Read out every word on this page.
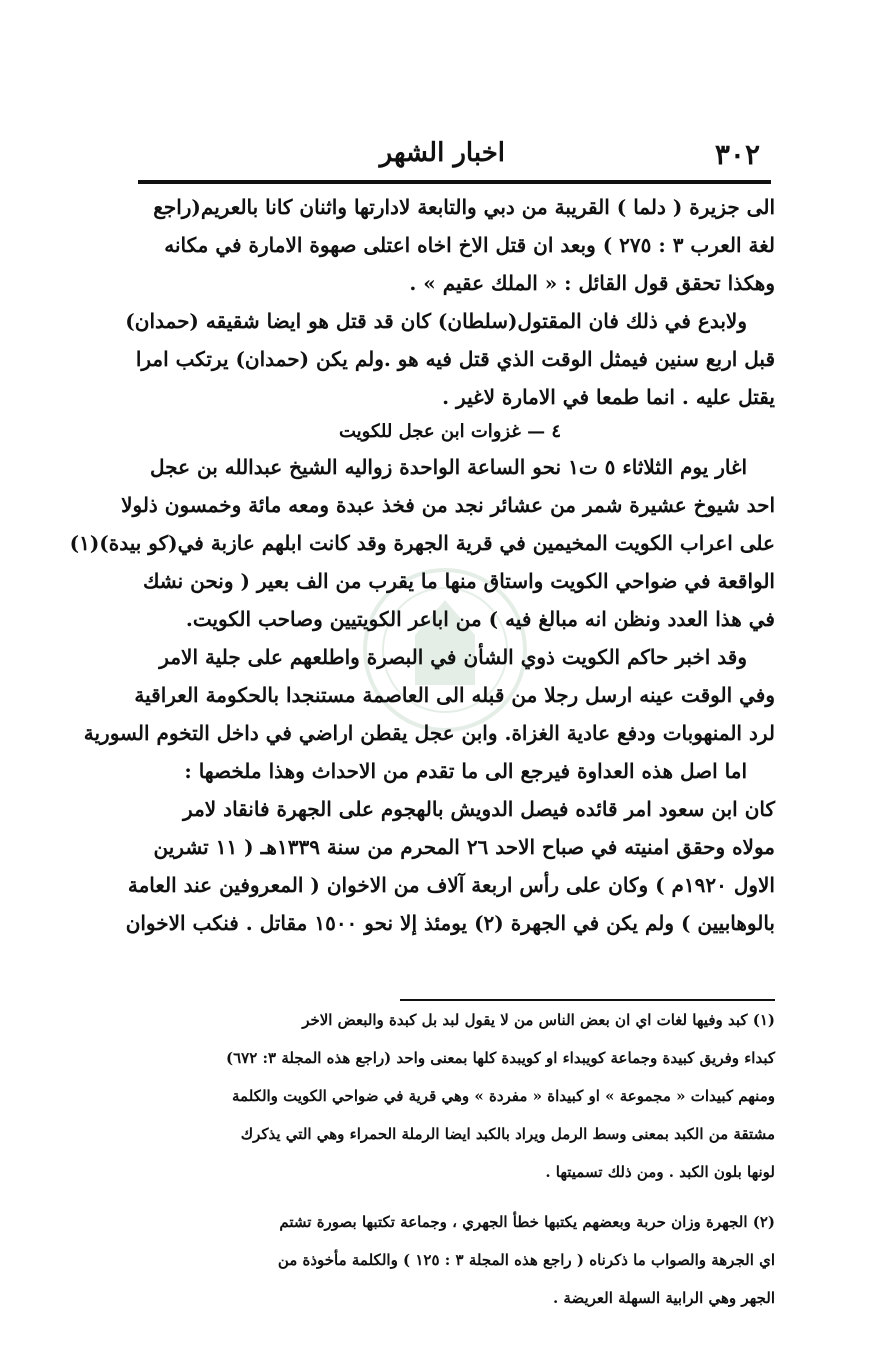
٣٠٢
اخبار الشهر
الى جزيرة ( دلما ) القريبة من دبي والتابعة لادارتها واثنان كانا بالعريم(راجع
لغة العرب ٣ : ٢٧٥ ) وبعد ان قتل الاخ اخاه اعتلى صهوة الامارة في مكانه
وهكذا تحقق قول القائل : « الملك عقيم » .
ولابدع في ذلك فان المقتول(سلطان) كان قد قتل هو ايضا شقيقه (حمدان)
قبل اربع سنين فيمثل الوقت الذي قتل فيه هو .ولم يكن (حمدان) يرتكب امرا
يقتل عليه . انما طمعا في الامارة لاغير .
٤ — غزوات ابن عجل للكويت
اغار يوم الثلاثاء ٥ ت١ نحو الساعة الواحدة زواليه الشيخ عبدالله بن عجل
احد شيوخ عشيرة شمر من عشائر نجد من فخذ عبدة ومعه مائة وخمسون ذلولا
على اعراب الكويت المخيمين في قرية الجهرة وقد كانت ابلهم عازبة في(كو بيدة)(١)
الواقعة في ضواحي الكويت واستاق منها ما يقرب من الف بعير ( ونحن نشك
في هذا العدد ونظن انه مبالغ فيه ) من اباعر الكويتيين وصاحب الكويت.
وقد اخبر حاكم الكويت ذوي الشأن في البصرة واطلعهم على جلية الامر
وفي الوقت عينه ارسل رجلا من قبله الى العاصمة مستنجدا بالحكومة العراقية
لرد المنهوبات ودفع عادية الغزاة. وابن عجل يقطن اراضي في داخل التخوم السورية
اما اصل هذه العداوة فيرجع الى ما تقدم من الاحداث وهذا ملخصها :
كان ابن سعود امر قائده فيصل الدويش بالهجوم على الجهرة فانقاد لامر
مولاه وحقق امنيته في صباح الاحد ٢٦ المحرم من سنة ١٣٣٩هـ ( ١١ تشرين
الاول ١٩٢٠م ) وكان على رأس اربعة آلاف من الاخوان ( المعروفين عند العامة
بالوهابيين ) ولم يكن في الجهرة (٢) يومئذ إلا نحو ١٥٠٠ مقاتل . فنكب الاخوان
(١) كبد وفيها لغات اي ان بعض الناس من لا يقول لبد بل كبدة والبعض الاخر
كبداء وفريق كبيدة وجماعة كويبداء او كويبدة كلها بمعنى واحد (راجع هذه المجلة ٣: ٦٧٢)
ومنهم كبيدات « مجموعة » او كبيداة « مفردة » وهي قرية في ضواحي الكويت والكلمة
مشتقة من الكبد بمعنى وسط الرمل ويراد بالكبد ايضا الرملة الحمراء وهي التي يذكرك
لونها بلون الكبد . ومن ذلك تسميتها .
(٢) الجهرة وزان حربة وبعضهم يكتبها خطأ الجهري ، وجماعة تكتبها بصورة تشتم
اي الجرهة والصواب ما ذكرناه ( راجع هذه المجلة ٣ : ١٢٥ ) والكلمة مأخوذة من
الجهر وهي الرابية السهلة العريضة .
